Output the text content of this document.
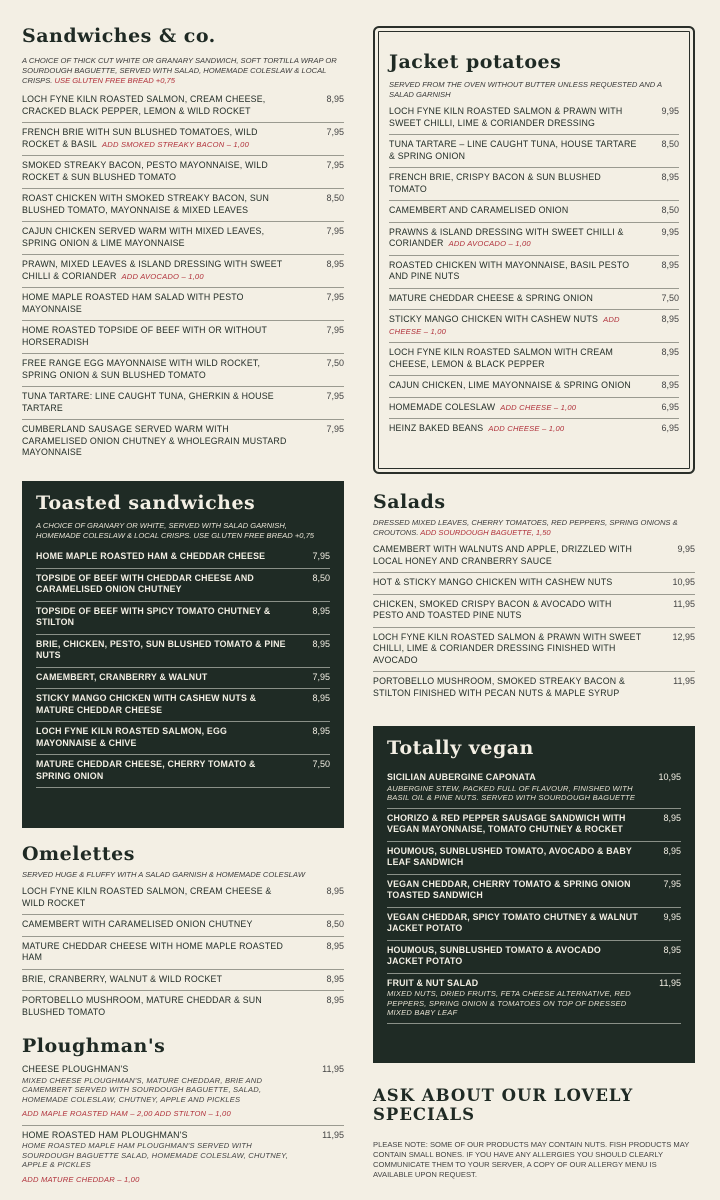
Sandwiches & co.
A CHOICE OF THICK CUT WHITE OR GRANARY SANDWICH, SOFT TORTILLA WRAP OR SOURDOUGH BAGUETTE, SERVED WITH SALAD, HOMEMADE COLESLAW & LOCAL CRISPS. USE GLUTEN FREE BREAD +0,75
LOCH FYNE KILN ROASTED SALMON, CREAM CHEESE, CRACKED BLACK PEPPER, LEMON & WILD ROCKET
8,95
FRENCH BRIE WITH SUN BLUSHED TOMATOES, WILD ROCKET & BASIL ADD SMOKED STREAKY BACON – 1,00
7,95
SMOKED STREAKY BACON, PESTO MAYONNAISE, WILD ROCKET & SUN BLUSHED TOMATO
7,95
ROAST CHICKEN WITH SMOKED STREAKY BACON, SUN BLUSHED TOMATO, MAYONNAISE & MIXED LEAVES
8,50
CAJUN CHICKEN SERVED WARM WITH MIXED LEAVES, SPRING ONION & LIME MAYONNAISE
7,95
PRAWN, MIXED LEAVES & ISLAND DRESSING WITH SWEET CHILLI & CORIANDER ADD AVOCADO – 1,00
8,95
HOME MAPLE ROASTED HAM SALAD WITH PESTO MAYONNAISE
7,95
HOME ROASTED TOPSIDE OF BEEF WITH OR WITHOUT HORSERADISH
7,95
FREE RANGE EGG MAYONNAISE WITH WILD ROCKET, SPRING ONION & SUN BLUSHED TOMATO
7,50
TUNA TARTARE: LINE CAUGHT TUNA, GHERKIN & HOUSE TARTARE
7,95
CUMBERLAND SAUSAGE SERVED WARM WITH CARAMELISED ONION CHUTNEY & WHOLEGRAIN MUSTARD MAYONNAISE
7,95
Toasted sandwiches
A CHOICE OF GRANARY OR WHITE, SERVED WITH SALAD GARNISH, HOMEMADE COLESLAW & LOCAL CRISPS. USE GLUTEN FREE BREAD +0,75
HOME MAPLE ROASTED HAM & CHEDDAR CHEESE	7,95
TOPSIDE OF BEEF WITH CHEDDAR CHEESE AND CARAMELISED ONION CHUTNEY
8,50
TOPSIDE OF BEEF WITH SPICY TOMATO CHUTNEY & STILTON
8,95
BRIE, CHICKEN, PESTO, SUN BLUSHED TOMATO & PINE NUTS
8,95
CAMEMBERT, CRANBERRY & WALNUT	7,95
STICKY MANGO CHICKEN WITH CASHEW NUTS & MATURE CHEDDAR CHEESE
8,95
LOCH FYNE KILN ROASTED SALMON, EGG MAYONNAISE & CHIVE
8,95
MATURE CHEDDAR CHEESE, CHERRY TOMATO & SPRING ONION
7,50
Omelettes
SERVED HUGE & FLUFFY WITH A SALAD GARNISH & HOMEMADE COLESLAW
LOCH FYNE KILN ROASTED SALMON, CREAM CHEESE & WILD ROCKET
8,95
CAMEMBERT WITH CARAMELISED ONION CHUTNEY	8,50
MATURE CHEDDAR CHEESE WITH HOME MAPLE ROASTED HAM
8,95
BRIE, CRANBERRY, WALNUT & WILD ROCKET	8,95
PORTOBELLO MUSHROOM, MATURE CHEDDAR & SUN BLUSHED TOMATO
8,95
Ploughman's
CHEESE PLOUGHMAN'S
MIXED CHEESE PLOUGHMAN'S, MATURE CHEDDAR, BRIE AND CAMEMBERT SERVED WITH SOURDOUGH BAGUETTE, SALAD, HOMEMADE COLESLAW, CHUTNEY, APPLE AND PICKLES
ADD MAPLE ROASTED HAM – 2,00 ADD STILTON – 1,00
11,95
HOME ROASTED HAM PLOUGHMAN'S
HOME ROASTED MAPLE HAM PLOUGHMAN'S SERVED WITH SOURDOUGH BAGUETTE SALAD, HOMEMADE COLESLAW, CHUTNEY, APPLE & PICKLES
ADD MATURE CHEDDAR – 1,00
11,95
Jacket potatoes
SERVED FROM THE OVEN WITHOUT BUTTER UNLESS REQUESTED AND A SALAD GARNISH
LOCH FYNE KILN ROASTED SALMON & PRAWN WITH SWEET CHILLI, LIME & CORIANDER DRESSING
9,95
TUNA TARTARE – LINE CAUGHT TUNA, HOUSE TARTARE & SPRING ONION
8,50
FRENCH BRIE, CRISPY BACON & SUN BLUSHED TOMATO
8,95
CAMEMBERT AND CARAMELISED ONION	8,50
PRAWNS & ISLAND DRESSING WITH SWEET CHILLI & CORIANDER ADD AVOCADO – 1,00
9,95
ROASTED CHICKEN WITH MAYONNAISE, BASIL PESTO AND PINE NUTS
8,95
MATURE CHEDDAR CHEESE & SPRING ONION	7,50
STICKY MANGO CHICKEN WITH CASHEW NUTS ADD CHEESE – 1,00
8,95
LOCH FYNE KILN ROASTED SALMON WITH CREAM CHEESE, LEMON & BLACK PEPPER
8,95
CAJUN CHICKEN, LIME MAYONNAISE & SPRING ONION	8,95
HOMEMADE COLESLAW ADD CHEESE – 1,00	6,95
HEINZ BAKED BEANS ADD CHEESE – 1,00	6,95
Salads
DRESSED MIXED LEAVES, CHERRY TOMATOES, RED PEPPERS, SPRING ONIONS & CROUTONS. ADD SOURDOUGH BAGUETTE, 1,50
CAMEMBERT WITH WALNUTS AND APPLE, DRIZZLED WITH LOCAL HONEY AND CRANBERRY SAUCE
9,95
HOT & STICKY MANGO CHICKEN WITH CASHEW NUTS	10,95
CHICKEN, SMOKED CRISPY BACON & AVOCADO WITH PESTO AND TOASTED PINE NUTS
11,95
LOCH FYNE KILN ROASTED SALMON & PRAWN WITH SWEET CHILLI, LIME & CORIANDER DRESSING FINISHED WITH AVOCADO
12,95
PORTOBELLO MUSHROOM, SMOKED STREAKY BACON & STILTON FINISHED WITH PECAN NUTS & MAPLE SYRUP
11,95
Totally vegan
SICILIAN AUBERGINE CAPONATA
AUBERGINE STEW, PACKED FULL OF FLAVOUR, FINISHED WITH BASIL OIL & PINE NUTS. SERVED WITH SOURDOUGH BAGUETTE
10,95
CHORIZO & RED PEPPER SAUSAGE SANDWICH WITH VEGAN MAYONNAISE, TOMATO CHUTNEY & ROCKET
8,95
HOUMOUS, SUNBLUSHED TOMATO, AVOCADO & BABY LEAF SANDWICH
8,95
VEGAN CHEDDAR, CHERRY TOMATO & SPRING ONION TOASTED SANDWICH
7,95
VEGAN CHEDDAR, SPICY TOMATO CHUTNEY & WALNUT JACKET POTATO
9,95
HOUMOUS, SUNBLUSHED TOMATO & AVOCADO JACKET POTATO
8,95
FRUIT & NUT SALAD
MIXED NUTS, DRIED FRUITS, FETA CHEESE ALTERNATIVE, RED PEPPERS, SPRING ONION & TOMATOES ON TOP OF DRESSED MIXED BABY LEAF
11,95
ASK ABOUT OUR LOVELY SPECIALS
PLEASE NOTE: SOME OF OUR PRODUCTS MAY CONTAIN NUTS. FISH PRODUCTS MAY CONTAIN SMALL BONES. IF YOU HAVE ANY ALLERGIES YOU SHOULD CLEARLY COMMUNICATE THEM TO YOUR SERVER, A COPY OF OUR ALLERGY MENU IS AVAILABLE UPON REQUEST.
